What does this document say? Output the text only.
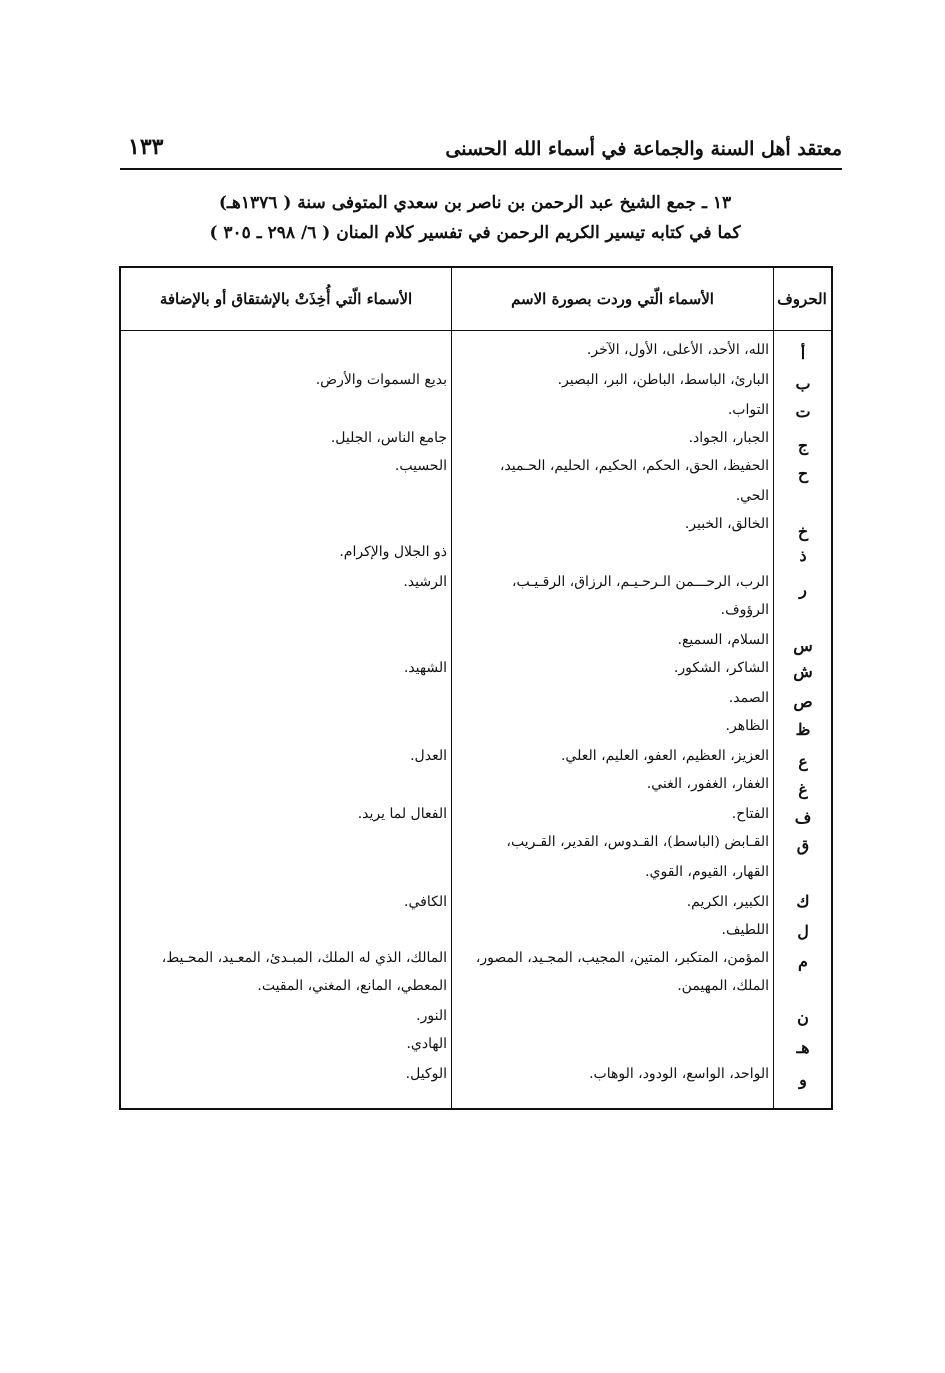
معتقد أهل السنة والجماعة في أسماء الله الحسنى
١٣٣
١٣ ـ جمع الشيخ عبد الرحمن بن ناصر بن سعدي المتوفى سنة ( ١٣٧٦هـ)
كما في كتابه تيسير الكريم الرحمن في تفسير كلام المنان ( ٦/ ٢٩٨ ـ ٣٠٥ )
الحروف
الأسماء الّتي وردت بصورة الاسم
الأسماء الّتي أُخِذَتْ بالإشتقاق أو بالإضافة
أ
ب
ت
ج
ح
خ
ذ
ر
س
ش
ص
ظ
ع
غ
ف
ق
ك
ل
م
ن
هـ
و
الله، الأحد، الأعلى، الأول، الآخر.
البارئ، الباسط، الباطن، البر، البصير.
التواب.
الجبار، الجواد.
الحفيظ، الحق، الحكم، الحكيم، الحليم، الحـميد،
الحي.
الخالق، الخبير.
الرب، الرحـــمن الـرحـيـم، الرزاق، الرقـيـب،
الرؤوف.
السلام، السميع.
الشاكر، الشكور.
الصمد.
الظاهر.
العزيز، العظيم، العفو، العليم، العلي.
الغفار، الغفور، الغني.
الفتاح.
القـابض (الباسط)، القـدوس، القدير، القـريب،
القهار، القيوم، القوي.
الكبير، الكريم.
اللطيف.
المؤمن، المتكبر، المتين، المجيب، المجـيد، المصور،
الملك، المهيمن.
الواحد، الواسع، الودود، الوهاب.
بديع السموات والأرض.
جامع الناس، الجليل.
الحسيب.
ذو الجلال والإكرام.
الرشيد.
الشهيد.
العدل.
الفعال لما يريد.
الكافي.
المالك، الذي له الملك، المبـدئ، المعـيد، المحـيط،
المعطي، المانع، المغني، المقيت.
النور.
الهادي.
الوكيل.
